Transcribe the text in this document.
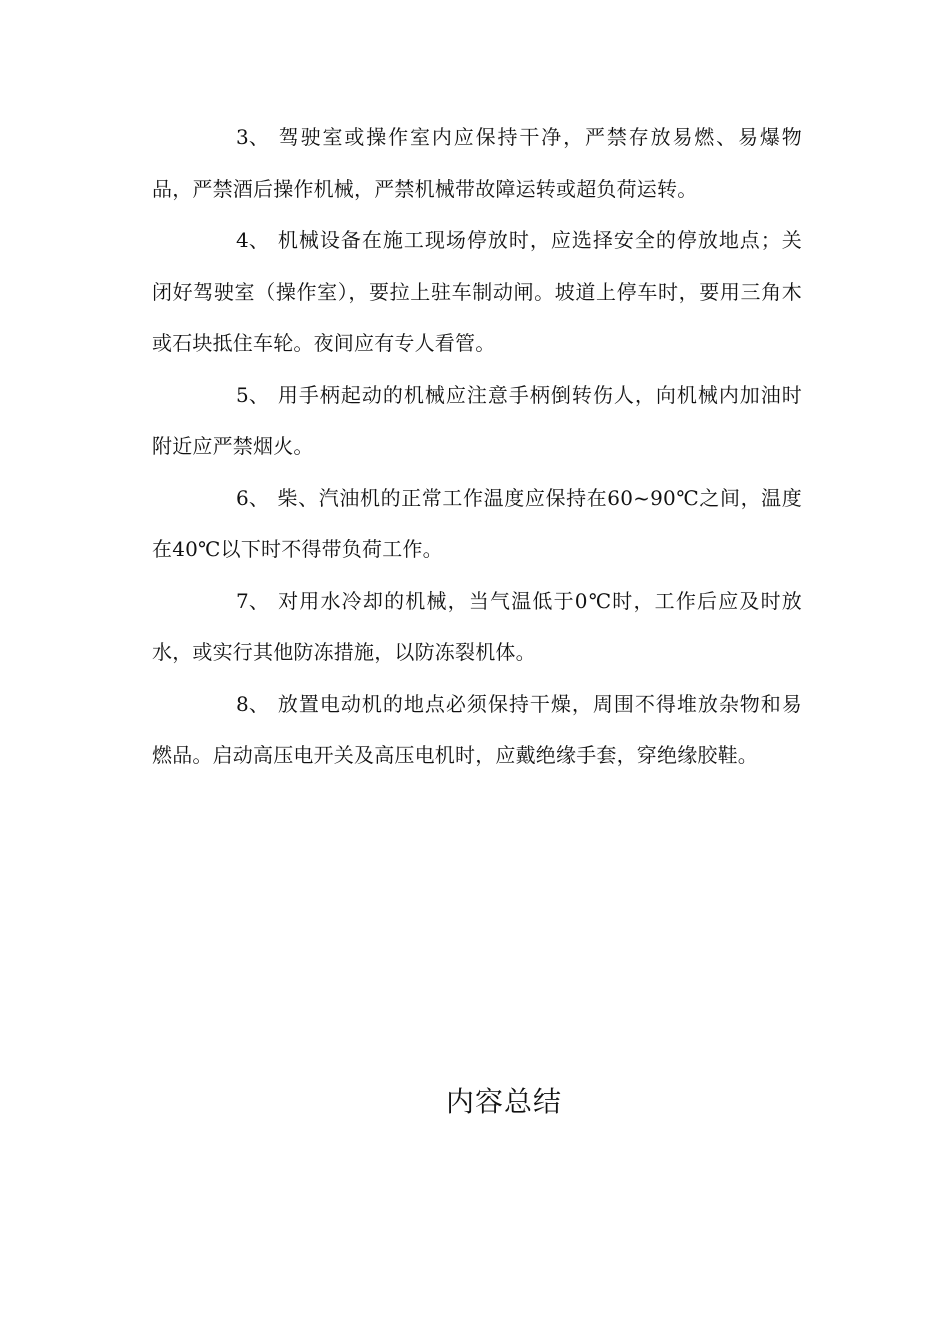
3、 驾驶室或操作室内应保持干净，严禁存放易燃、易爆物品，严禁酒后操作机械，严禁机械带故障运转或超负荷运转。

4、 机械设备在施工现场停放时，应选择安全的停放地点；关闭好驾驶室（操作室），要拉上驻车制动闸。坡道上停车时，要用三角木或石块抵住车轮。夜间应有专人看管。

5、 用手柄起动的机械应注意手柄倒转伤人，向机械内加油时附近应严禁烟火。

6、 柴、汽油机的正常工作温度应保持在60~90℃之间，温度在40℃以下时不得带负荷工作。

7、 对用水冷却的机械，当气温低于0℃时，工作后应及时放水，或实行其他防冻措施，以防冻裂机体。

8、 放置电动机的地点必须保持干燥，周围不得堆放杂物和易燃品。启动高压电开关及高压电机时，应戴绝缘手套，穿绝缘胶鞋。

内容总结
